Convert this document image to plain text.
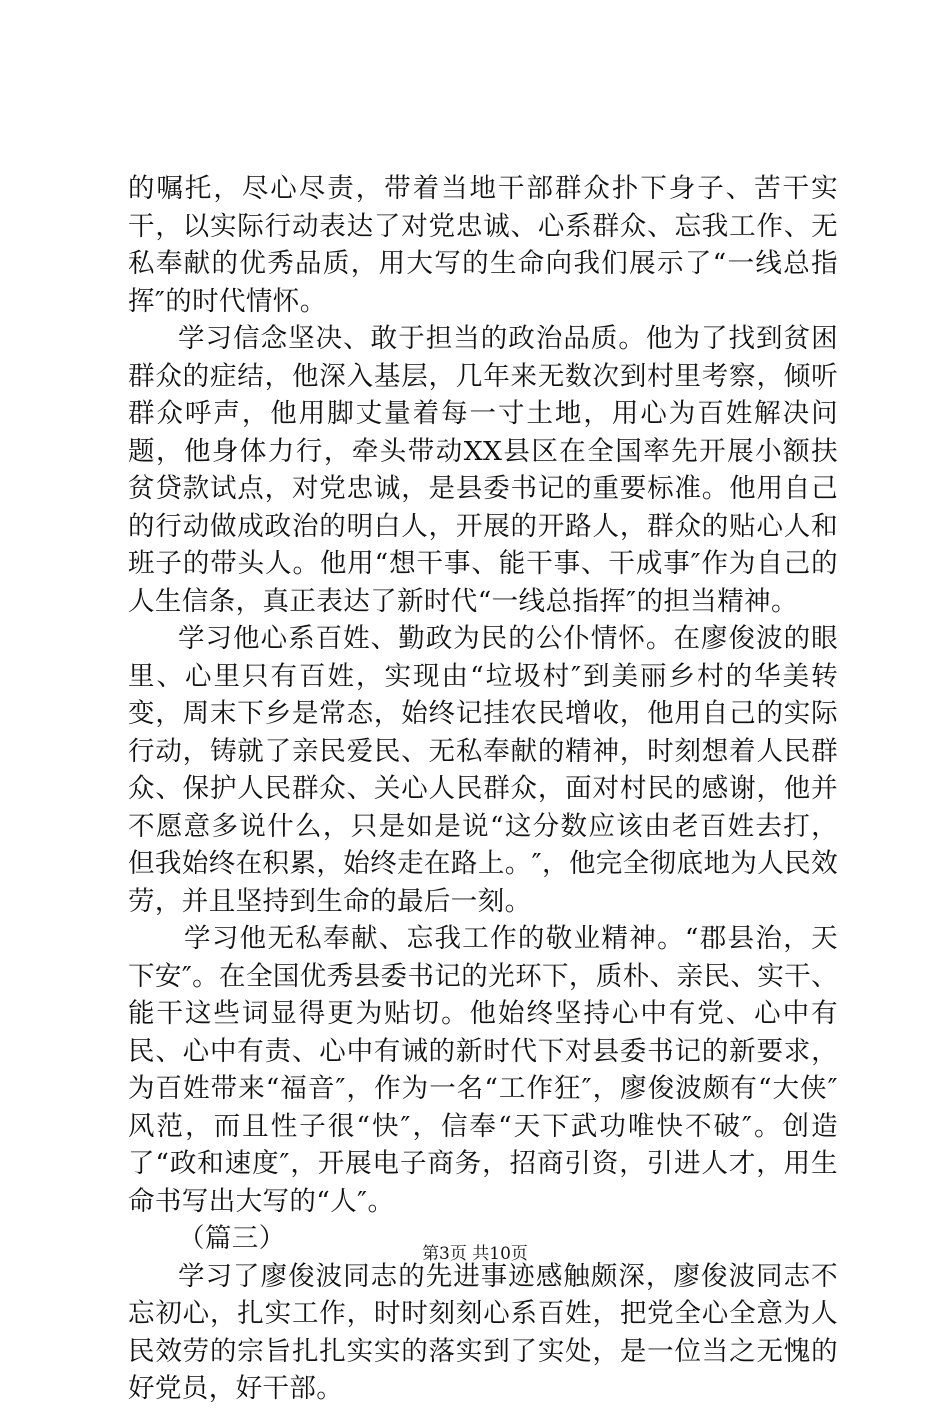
的嘱托，尽心尽责，带着当地干部群众扑下身子、苦干实干，以实际行动表达了对党忠诚、心系群众、忘我工作、无私奉献的优秀品质，用大写的生命向我们展示了“一线总指挥″的时代情怀。

学习信念坚决、敢于担当的政治品质。他为了找到贫困群众的症结，他深入基层，几年来无数次到村里考察，倾听群众呼声，他用脚丈量着每一寸土地，用心为百姓解决问题，他身体力行，牵头带动XX县区在全国率先开展小额扶贫贷款试点，对党忠诚，是县委书记的重要标准。他用自己的行动做成政治的明白人，开展的开路人，群众的贴心人和班子的带头人。他用“想干事、能干事、干成事″作为自己的人生信条，真正表达了新时代“一线总指挥″的担当精神。

学习他心系百姓、勤政为民的公仆情怀。在廖俊波的眼里、心里只有百姓，实现由“垃圾村″到美丽乡村的华美转变，周末下乡是常态，始终记挂农民增收，他用自己的实际行动，铸就了亲民爱民、无私奉献的精神，时刻想着人民群众、保护人民群众、关心人民群众，面对村民的感谢，他并不愿意多说什么，只是如是说“这分数应该由老百姓去打，但我始终在积累，始终走在路上。″，他完全彻底地为人民效劳，并且坚持到生命的最后一刻。

学习他无私奉献、忘我工作的敬业精神。“郡县治，天下安″。在全国优秀县委书记的光环下，质朴、亲民、实干、能干这些词显得更为贴切。他始终坚持心中有党、心中有民、心中有责、心中有诫的新时代下对县委书记的新要求，为百姓带来“福音″，作为一名“工作狂″，廖俊波颇有“大侠″风范，而且性子很“快″，信奉“天下武功唯快不破″。创造了“政和速度″，开展电子商务，招商引资，引进人才，用生命书写出大写的“人″。

（篇三）

学习了廖俊波同志的先进事迹感触颇深，廖俊波同志不忘初心，扎实工作，时时刻刻心系百姓，把党全心全意为人民效劳的宗旨扎扎实实的落实到了实处，是一位当之无愧的好党员，好干部。

第3页 共10页
